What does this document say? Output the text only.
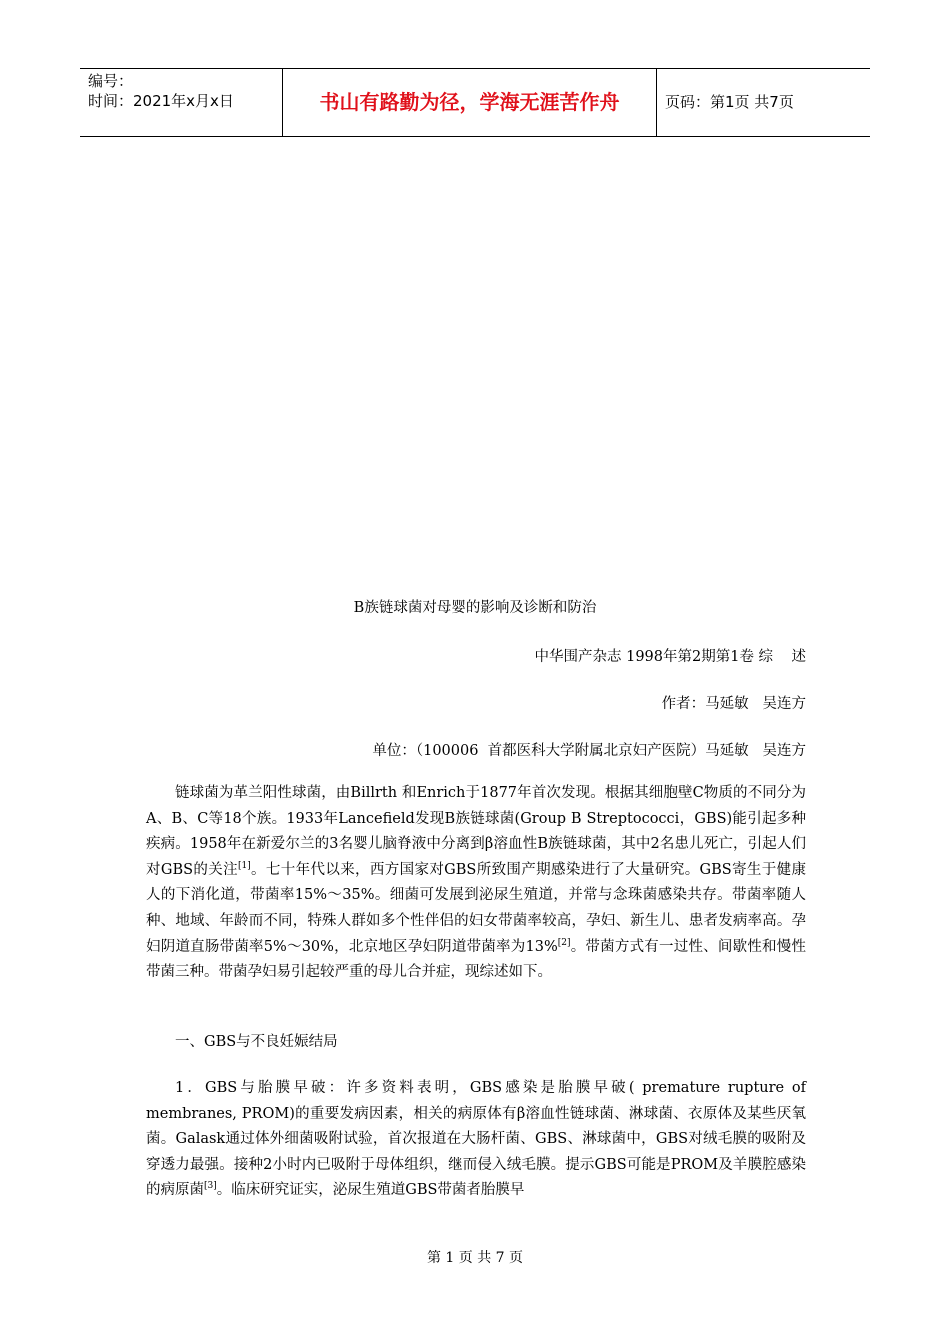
编号：
时间：2021年x月x日	书山有路勤为径，学海无涯苦作舟	页码：第1页 共7页
B族链球菌对母婴的影响及诊断和防治
中华围产杂志 1998年第2期第1卷 综    述
作者：马延敏   吴连方
单位：（100006  首都医科大学附属北京妇产医院）马延敏   吴连方

链球菌为革兰阳性球菌，由Billrth 和Enrich于1877年首次发现。根据其细胞壁C物质的不同分为A、B、C等18个族。1933年Lancefield发现B族链球菌(Group B Streptococci，GBS)能引起多种疾病。1958年在新爱尔兰的3名婴儿脑脊液中分离到β溶血性B族链球菌，其中2名患儿死亡，引起人们对GBS的关注[1]。七十年代以来，西方国家对GBS所致围产期感染进行了大量研究。GBS寄生于健康人的下消化道，带菌率15%～35%。细菌可发展到泌尿生殖道，并常与念珠菌感染共存。带菌率随人种、地域、年龄而不同，特殊人群如多个性伴侣的妇女带菌率较高，孕妇、新生儿、患者发病率高。孕妇阴道直肠带菌率5%～30%，北京地区孕妇阴道带菌率为13%[2]。带菌方式有一过性、间歇性和慢性带菌三种。带菌孕妇易引起较严重的母儿合并症，现综述如下。

一、GBS与不良妊娠结局

1．GBS与胎膜早破：许多资料表明，GBS感染是胎膜早破( premature rupture of membranes, PROM)的重要发病因素，相关的病原体有β溶血性链球菌、淋球菌、衣原体及某些厌氧菌。Galask通过体外细菌吸附试验，首次报道在大肠杆菌、GBS、淋球菌中，GBS对绒毛膜的吸附及穿透力最强。接种2小时内已吸附于母体组织，继而侵入绒毛膜。提示GBS可能是PROM及羊膜腔感染的病原菌[3]。临床研究证实，泌尿生殖道GBS带菌者胎膜早

第 1 页 共 7 页
